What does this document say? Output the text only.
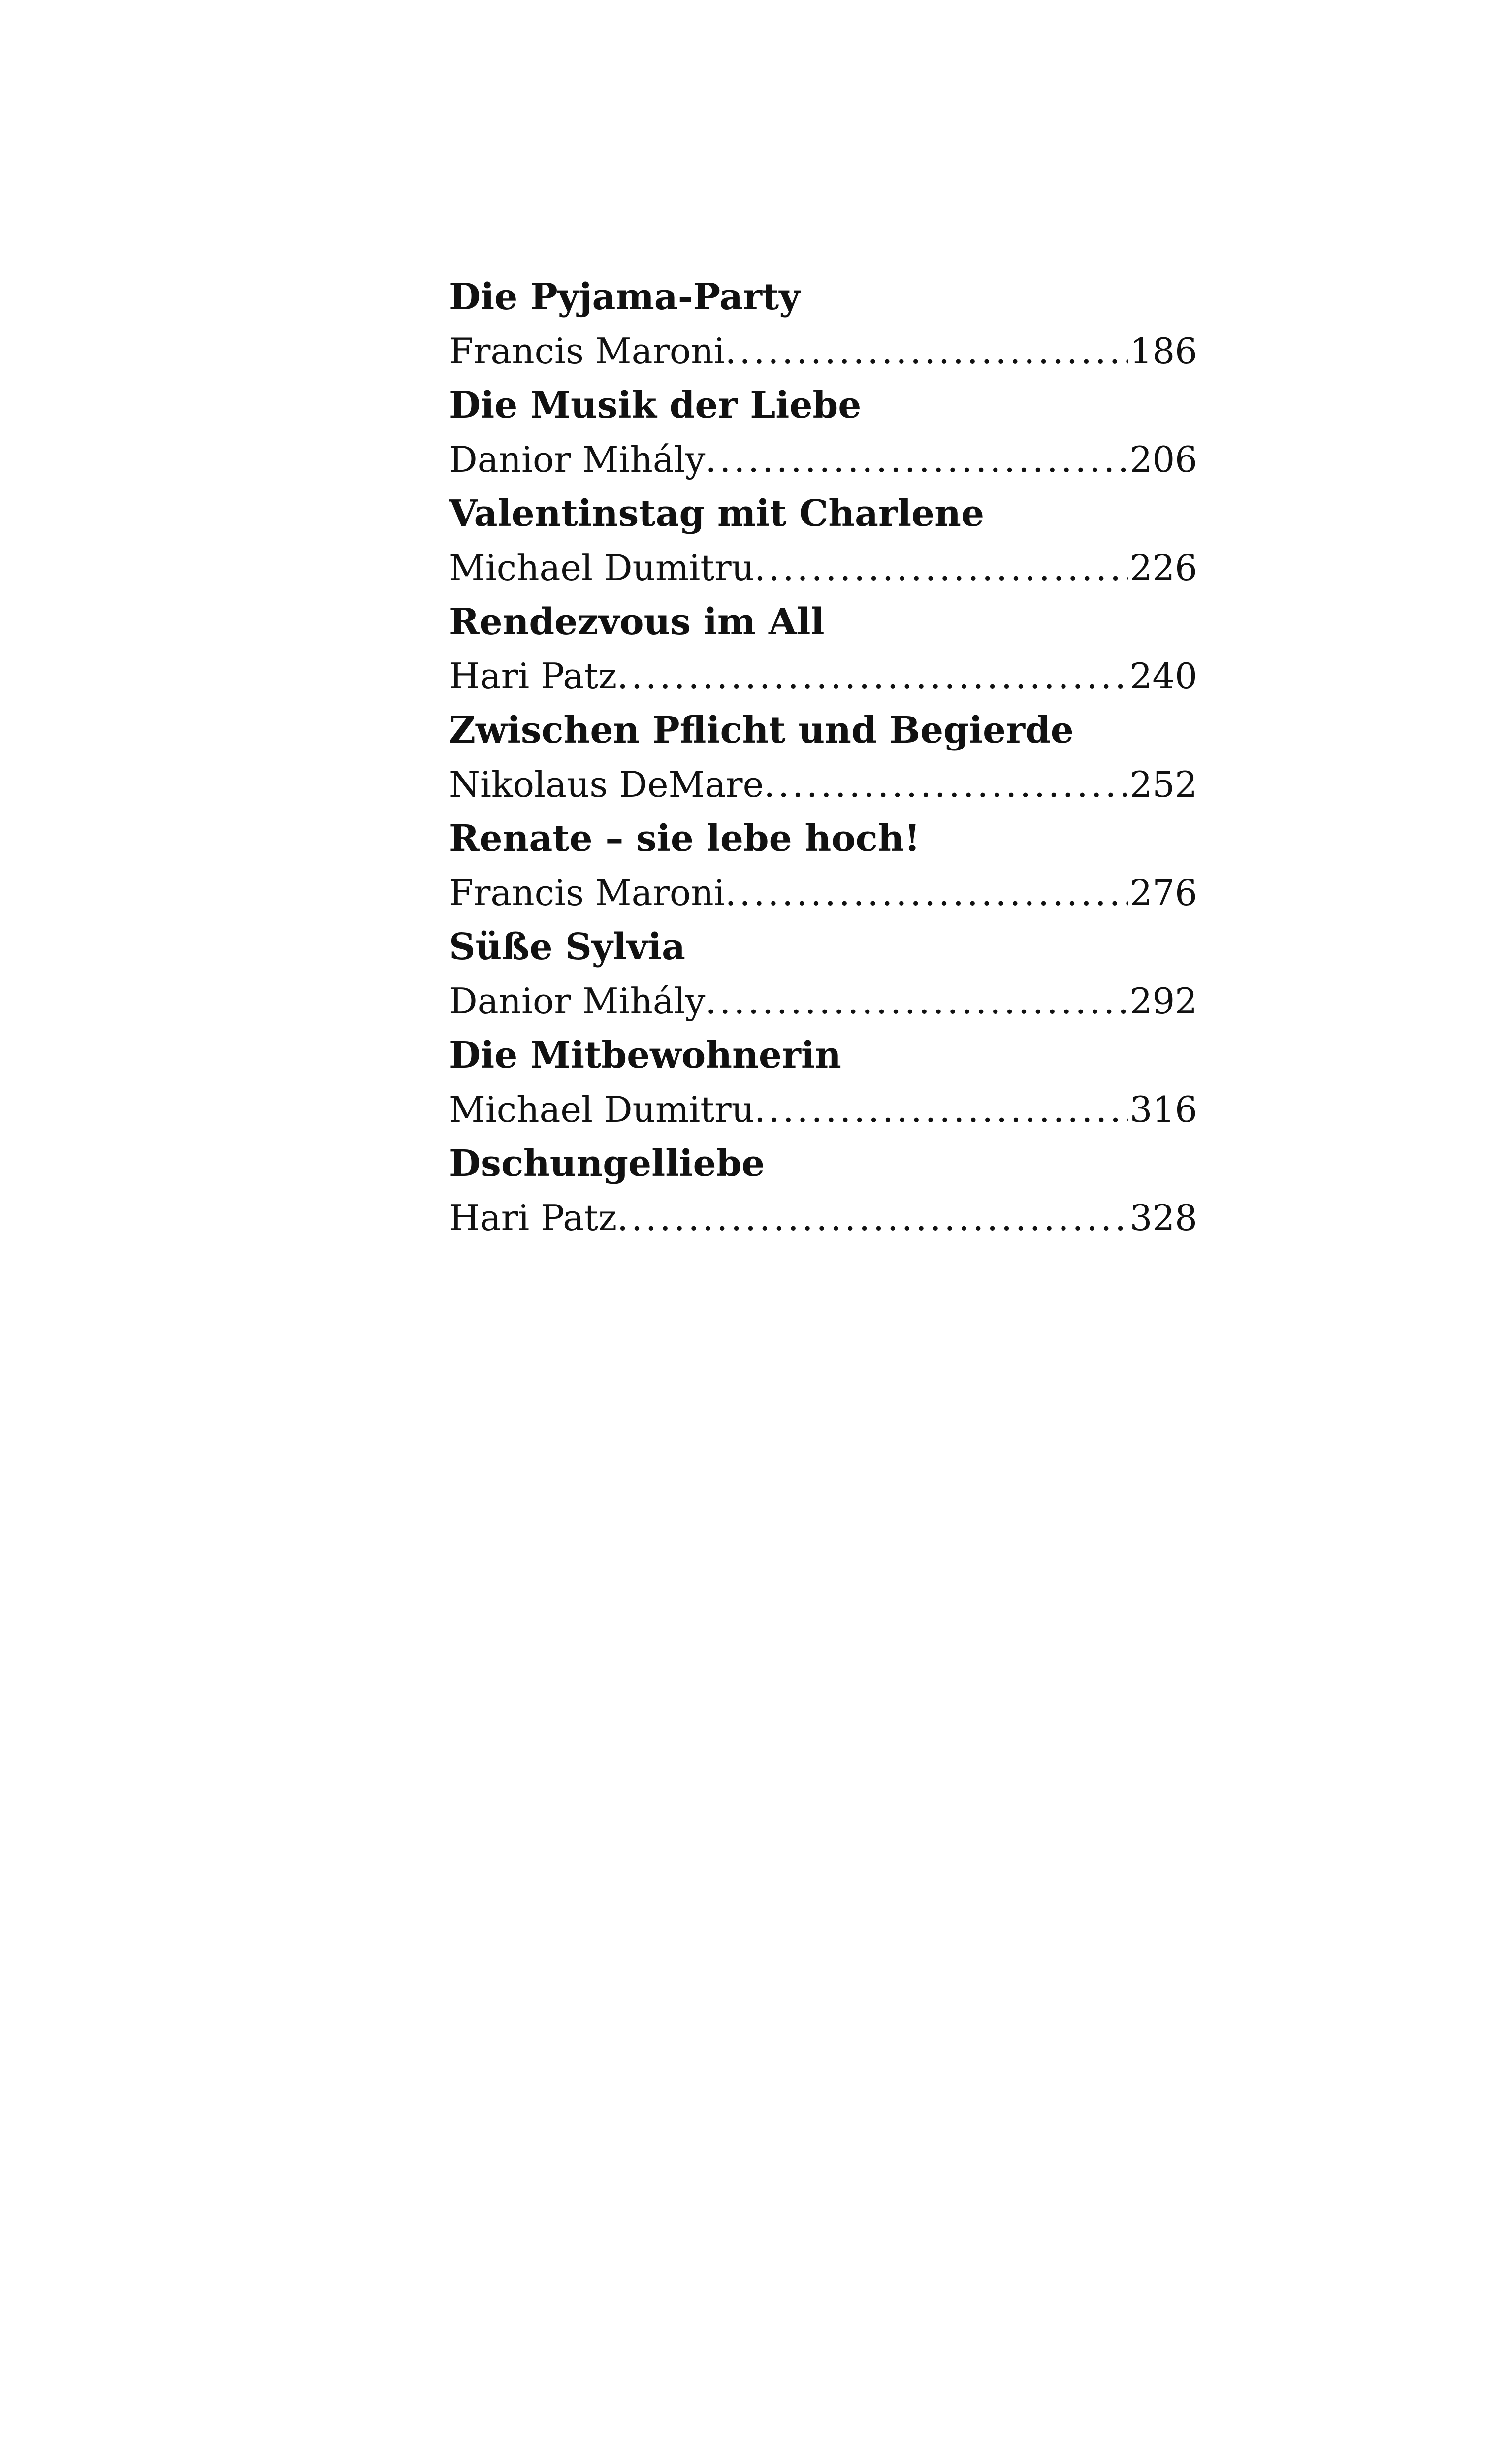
Die Pyjama-Party
Francis Maroni .....	186
Die Musik der Liebe
Danior Mihály .....	206
Valentinstag mit Charlene
Michael Dumitru .....	226
Rendezvous im All
Hari Patz .....	240
Zwischen Pflicht und Begierde
Nikolaus DeMare .....	252
Renate – sie lebe hoch!
Francis Maroni .....	276
Süße Sylvia
Danior Mihály .....	292
Die Mitbewohnerin
Michael Dumitru .....	316
Dschungelliebe
Hari Patz .....	328
